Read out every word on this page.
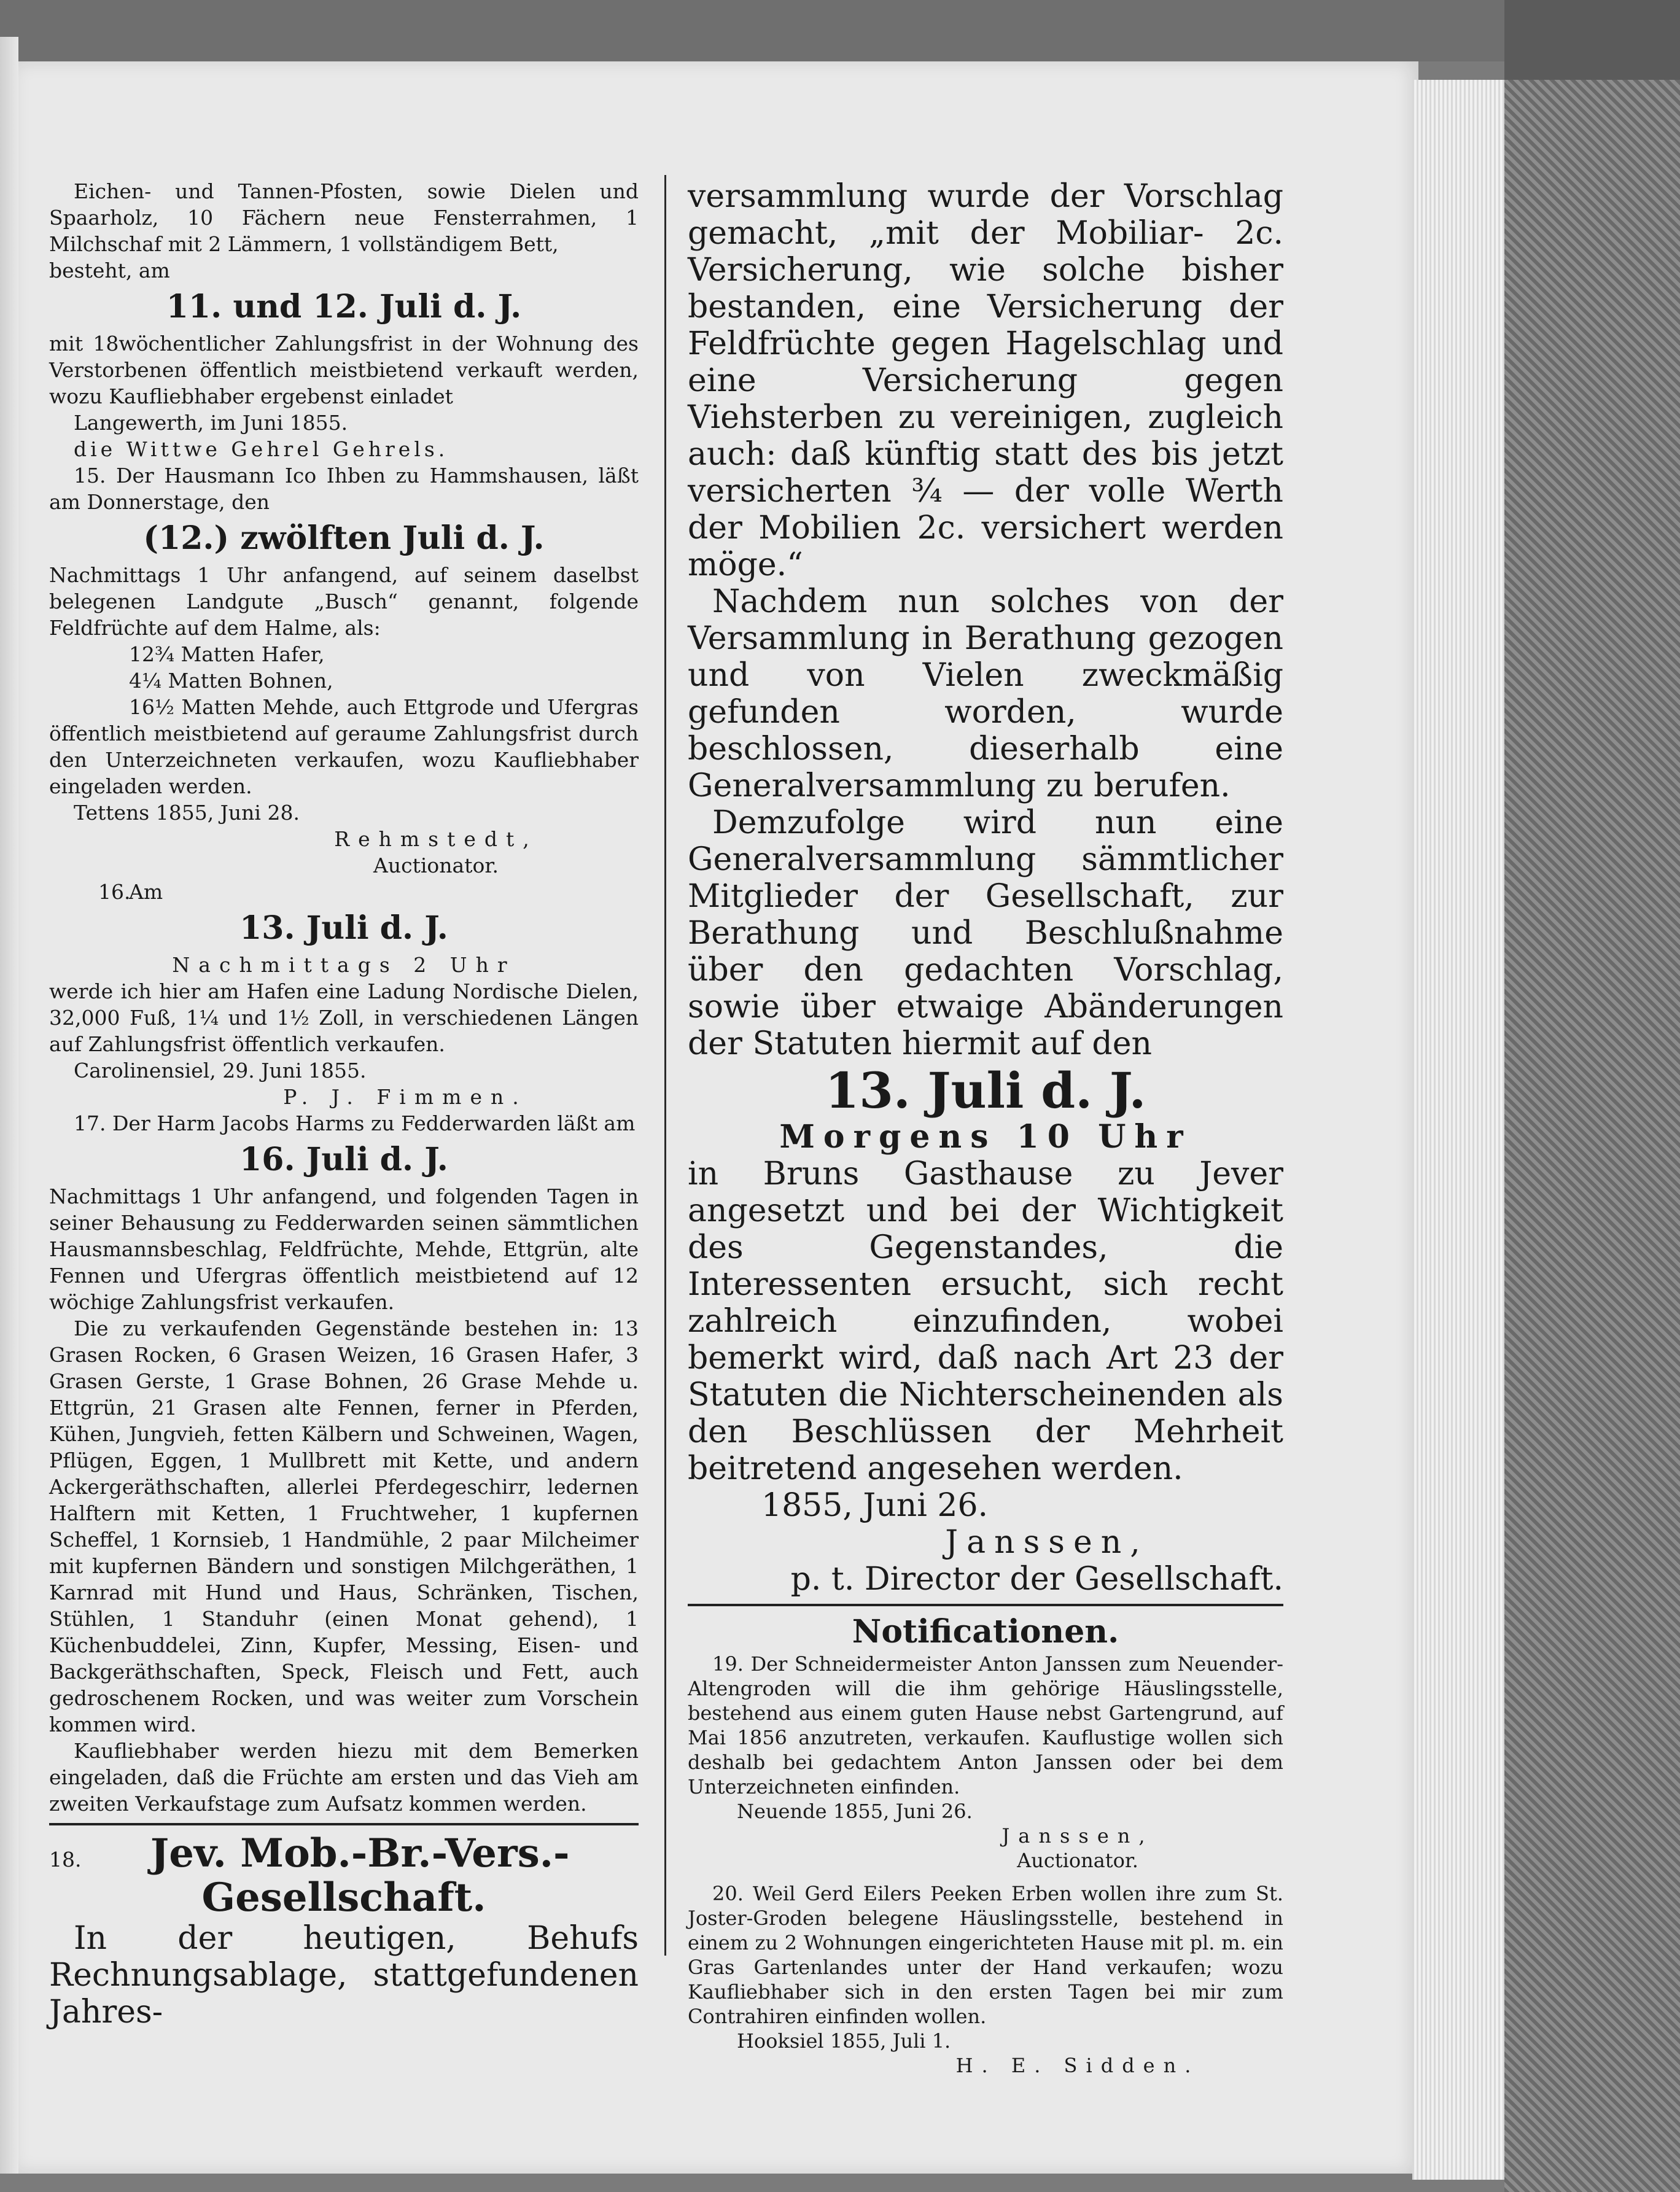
Eichen- und Tannen-Pfosten, sowie Dielen und Spaarholz, 10 Fächern neue Fensterrahmen, 1 Milchschaf mit 2 Lämmern, 1 vollständigem Bett,

besteht, am

11. und 12. Juli d. J.

mit 18wöchentlicher Zahlungsfrist in der Wohnung des Verstorbenen öffentlich meistbietend verkauft werden, wozu Kaufliebhaber ergebenst einladet

Langewerth, im Juni 1855.

die Wittwe Gehrel Gehrels.

15. Der Hausmann Ico Ihben zu Hammshausen, läßt am Donnerstage, den

(12.) zwölften Juli d. J.

Nachmittags 1 Uhr anfangend, auf seinem daselbst belegenen Landgute „Busch“ genannt, folgende Feldfrüchte auf dem Halme, als:

12¾ Matten Hafer,

4¼ Matten Bohnen,

16½ Matten Mehde, auch Ettgrode und Ufergras öffentlich meistbietend auf geraume Zahlungsfrist durch den Unterzeichneten verkaufen, wozu Kaufliebhaber eingeladen werden.

Tettens 1855, Juni 28.

Rehmstedt,

Auctionator.

16.Am

13. Juli d. J.

Nachmittags 2 Uhr

werde ich hier am Hafen eine Ladung Nordische Dielen, 32,000 Fuß, 1¼ und 1½ Zoll, in verschiedenen Längen auf Zahlungsfrist öffentlich verkaufen.

Carolinensiel, 29. Juni 1855.

P. J. Fimmen.

17. Der Harm Jacobs Harms zu Fedderwarden läßt am

16. Juli d. J.

Nachmittags 1 Uhr anfangend, und folgenden Tagen in seiner Behausung zu Fedderwarden seinen sämmtlichen Hausmannsbeschlag, Feldfrüchte, Mehde, Ettgrün, alte Fennen und Ufergras öffentlich meistbietend auf 12 wöchige Zahlungsfrist verkaufen.

Die zu verkaufenden Gegenstände bestehen in: 13 Grasen Rocken, 6 Grasen Weizen, 16 Grasen Hafer, 3 Grasen Gerste, 1 Grase Bohnen, 26 Grase Mehde u. Ettgrün, 21 Grasen alte Fennen, ferner in Pferden, Kühen, Jungvieh, fetten Kälbern und Schweinen, Wagen, Pflügen, Eggen, 1 Mullbrett mit Kette, und andern Ackergeräthschaften, allerlei Pferdegeschirr, ledernen Halftern mit Ketten, 1 Fruchtweher, 1 kupfernen Scheffel, 1 Kornsieb, 1 Handmühle, 2 paar Milcheimer mit kupfernen Bändern und sonstigen Milchgeräthen, 1 Karnrad mit Hund und Haus, Schränken, Tischen, Stühlen, 1 Standuhr (einen Monat gehend), 1 Küchenbuddelei, Zinn, Kupfer, Messing, Eisen- und Backgeräthschaften, Speck, Fleisch und Fett, auch gedroschenem Rocken, und was weiter zum Vorschein kommen wird.

Kaufliebhaber werden hiezu mit dem Bemerken eingeladen, daß die Früchte am ersten und das Vieh am zweiten Verkaufstage zum Aufsatz kommen werden.

18.	Jev. Mob.-Br.-Vers.-
Gesellschaft.

In der heutigen, Behufs Rechnungsablage, stattgefundenen Jahres-

versammlung wurde der Vorschlag gemacht, „mit der Mobiliar- 2c. Versicherung, wie solche bisher bestanden, eine Versicherung der Feldfrüchte gegen Hagelschlag und eine Versicherung gegen Viehsterben zu vereinigen, zugleich auch: daß künftig statt des bis jetzt versicherten ¾ — der volle Werth der Mobilien 2c. versichert werden möge.“

Nachdem nun solches von der Versammlung in Berathung gezogen und von Vielen zweckmäßig gefunden worden, wurde beschlossen, dieserhalb eine Generalversammlung zu berufen.

Demzufolge wird nun eine Generalversammlung sämmtlicher Mitglieder der Gesellschaft, zur Berathung und Beschlußnahme über den gedachten Vorschlag, sowie über etwaige Abänderungen der Statuten hiermit auf den

13. Juli d. J.

Morgens 10 Uhr

in Bruns Gasthause zu Jever angesetzt und bei der Wichtigkeit des Gegenstandes, die Interessenten ersucht, sich recht zahlreich einzufinden, wobei bemerkt wird, daß nach Art 23 der Statuten die Nichterscheinenden als den Beschlüssen der Mehrheit beitretend angesehen werden.

1855, Juni 26.

Janssen,

p. t. Director der Gesellschaft.

Notificationen.

19. Der Schneidermeister Anton Janssen zum Neuender-Altengroden will die ihm gehörige Häuslingsstelle, bestehend aus einem guten Hause nebst Gartengrund, auf Mai 1856 anzutreten, verkaufen. Kauflustige wollen sich deshalb bei gedachtem Anton Janssen oder bei dem Unterzeichneten einfinden.

Neuende 1855, Juni 26.

Janssen,

Auctionator.

20. Weil Gerd Eilers Peeken Erben wollen ihre zum St. Joster-Groden belegene Häuslingsstelle, bestehend in einem zu 2 Wohnungen eingerichteten Hause mit pl. m. ein Gras Gartenlandes unter der Hand verkaufen; wozu Kaufliebhaber sich in den ersten Tagen bei mir zum Contrahiren einfinden wollen.

Hooksiel 1855, Juli 1.

H. E. Sidden.
